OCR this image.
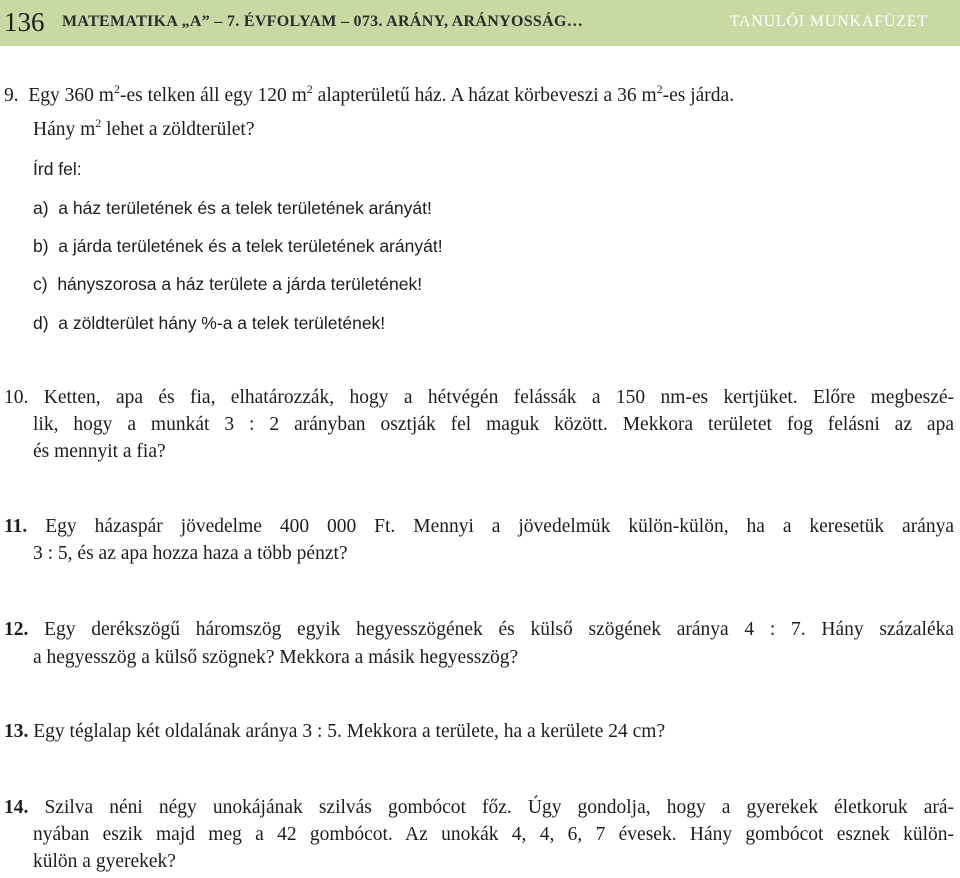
136 MATEMATIKA „A” – 7. ÉVFOLYAM – 073. ARÁNY, ARÁNYOSSÁG…	TANULÓI MUNKAFÜZET
9. Egy 360 $m^2-es$ telken áll egy 120 $m^2$ alapterületű ház. A házat körbeveszi a 36 $m^2-es$ járda.
Hány $m^2$ lehet a zöldterület?
Írd fel:
a) a ház területének és a telek területének arányát!
b) a járda területének és a telek területének arányát!
c) hányszorosa a ház területe a járda területének!
d) a zöldterület hány %-a a telek területének!
10. Ketten, apa és fia, elhatározzák, hogy a hétvégén felássák a 150 nm-es kertjüket. Előre megbeszé-
lik, hogy a munkát 3 : 2 arányban osztják fel maguk között. Mekkora területet fog felásni az apa
és mennyit a fia?
11. Egy házaspár jövedelme 400 000 Ft. Mennyi a jövedelmük külön-külön, ha a keresetük aránya
3 : 5, és az apa hozza haza a több pénzt?
12. Egy derékszögű háromszög egyik hegyesszögének és külső szögének aránya 4 : 7. Hány százaléka
a hegyesszög a külső szögnek? Mekkora a másik hegyesszög?
13. Egy téglalap két oldalának aránya 3 : 5. Mekkora a területe, ha a kerülete 24 cm?
14. Szilva néni négy unokájának szilvás gombócot főz. Úgy gondolja, hogy a gyerekek életkoruk ará-
nyában eszik majd meg a 42 gombócot. Az unokák 4, 4, 6, 7 évesek. Hány gombócot esznek külön-
külön a gyerekek?
